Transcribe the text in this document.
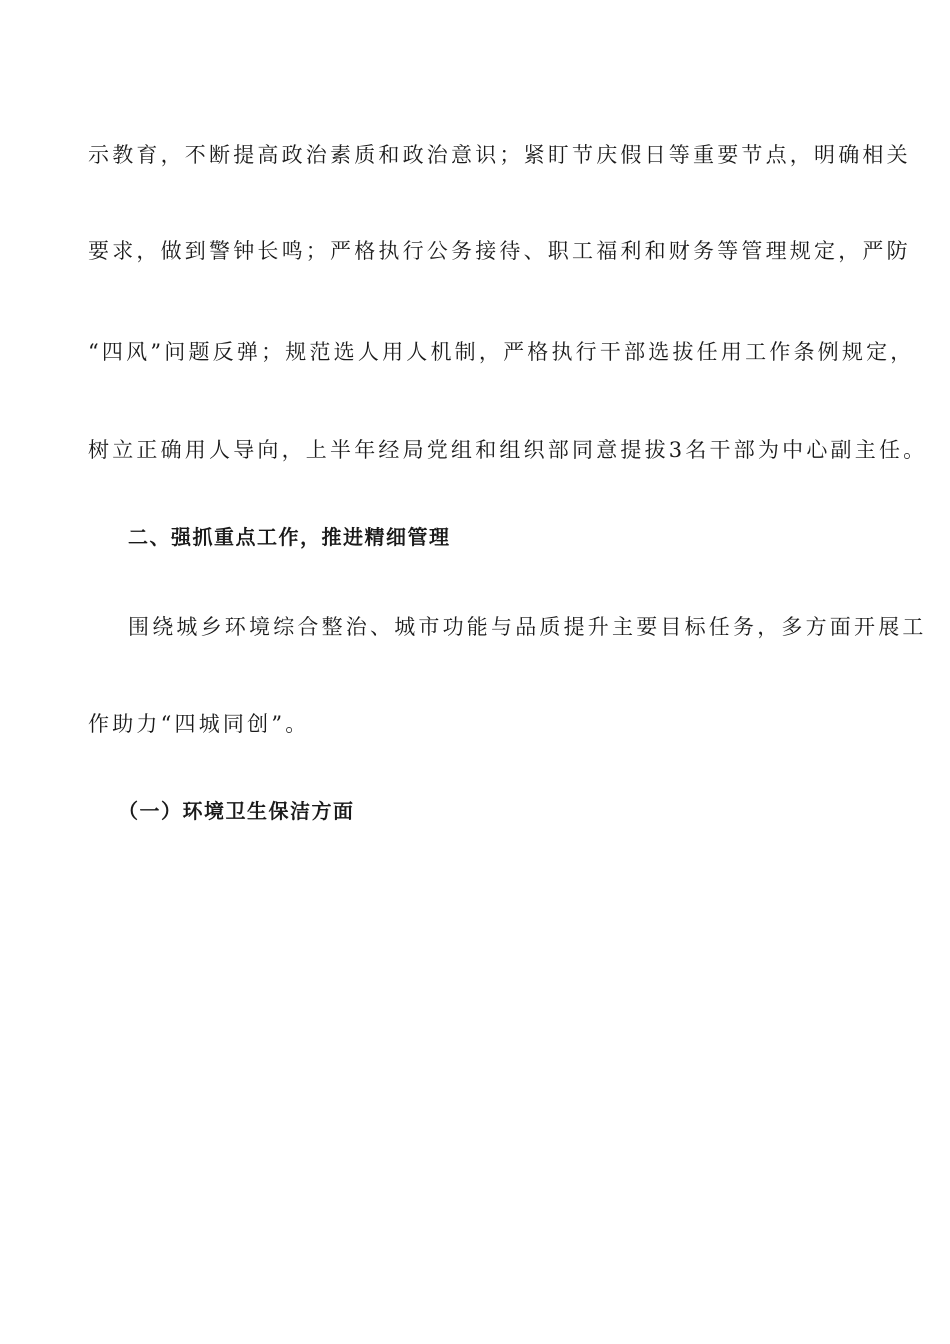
示教育，不断提高政治素质和政治意识；紧盯节庆假日等重要节点，明确相关
要求，做到警钟长鸣；严格执行公务接待、职工福利和财务等管理规定，严防
“四风”问题反弹；规范选人用人机制，严格执行干部选拔任用工作条例规定，
树立正确用人导向，上半年经局党组和组织部同意提拔3名干部为中心副主任。
二、强抓重点工作，推进精细管理
围绕城乡环境综合整治、城市功能与品质提升主要目标任务，多方面开展工
作助力“四城同创”。
（一）环境卫生保洁方面
